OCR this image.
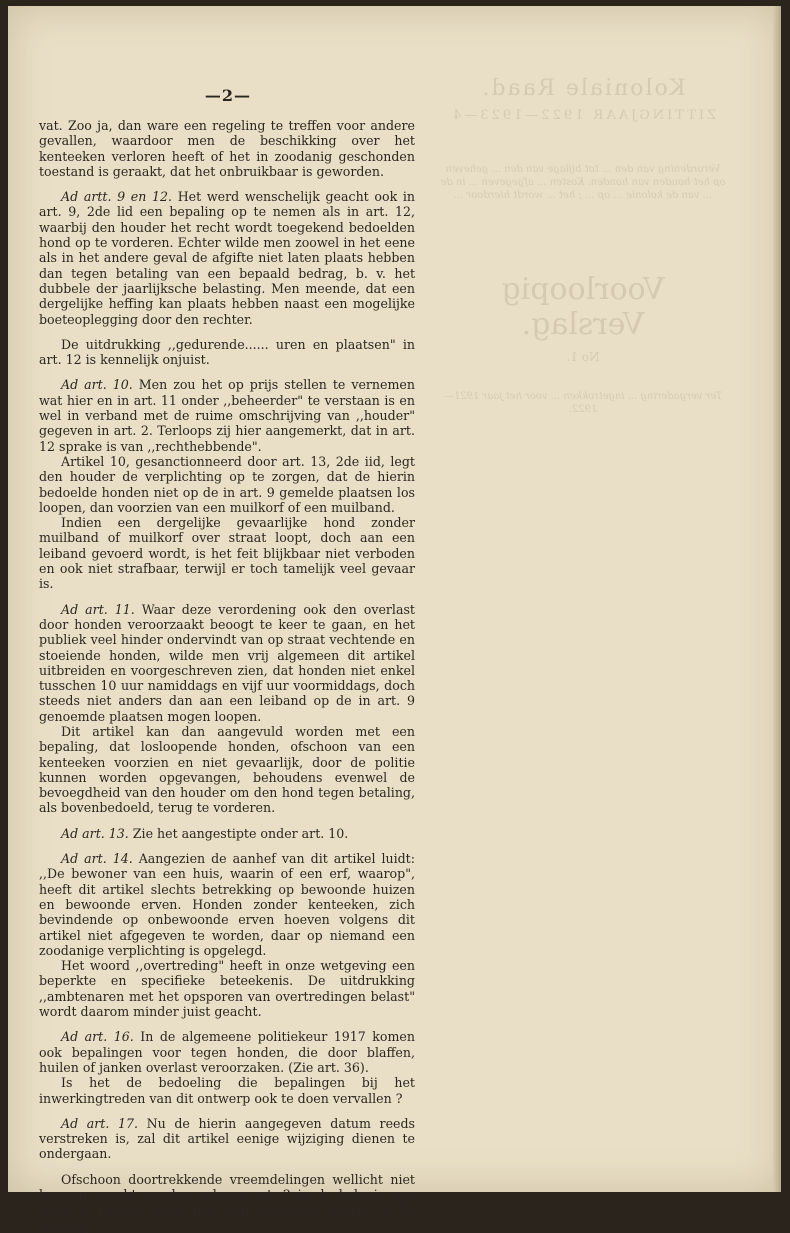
Koloniale Raad.
ZITTINGJAAR 1922—1923—4
Verordening van den ... tot bijlage van den ... geheven op het houden van honden. Kosten ... afgegeven ... in de ... van de kolonie ... op ... ; het ... wordt hierdoor ...
Voorloopig Verslag.
No 1.
Ter vergadering ... ingetrokken ... voor het jaar 1921—1922.
—2—

vat. Zoo ja, dan ware een regeling te treffen voor andere gevallen, waardoor men de beschikking over het kenteeken verloren heeft of het in zoodanig geschonden toestand is geraakt, dat het onbruikbaar is geworden.

Ad artt. 9 en 12. Het werd wenschelijk geacht ook in art. 9, 2de lid een bepaling op te nemen als in art. 12, waarbij den houder het recht wordt toegekend bedoelden hond op te vorderen. Echter wilde men zoowel in het eene als in het andere geval de afgifte niet laten plaats hebben dan tegen betaling van een bepaald bedrag, b. v. het dubbele der jaarlijksche belasting. Men meende, dat een dergelijke heffing kan plaats hebben naast een mogelijke boeteoplegging door den rechter.

De uitdrukking ,,gedurende...... uren en plaatsen" in art. 12 is kennelijk onjuist.

Ad art. 10. Men zou het op prijs stellen te vernemen wat hier en in art. 11 onder ,,beheerder" te verstaan is en wel in verband met de ruime omschrijving van ,,houder" gegeven in art. 2. Terloops zij hier aangemerkt, dat in art. 12 sprake is van ,,rechthebbende".

Artikel 10, gesanctionneerd door art. 13, 2de iid, legt den houder de verplichting op te zorgen, dat de hierin bedoelde honden niet op de in art. 9 gemelde plaatsen los loopen, dan voorzien van een muilkorf of een muilband.

Indien een dergelijke gevaarlijke hond zonder muilband of muilkorf over straat loopt, doch aan een leiband gevoerd wordt, is het feit blijkbaar niet verboden en ook niet strafbaar, terwijl er toch tamelijk veel gevaar is.

Ad art. 11. Waar deze verordening ook den overlast door honden veroorzaakt beoogt te keer te gaan, en het publiek veel hinder ondervindt van op straat vechtende en stoeiende honden, wilde men vrij algemeen dit artikel uitbreiden en voorgeschreven zien, dat honden niet enkel tusschen 10 uur namiddags en vijf uur voormiddags, doch steeds niet anders dan aan een leiband op de in art. 9 genoemde plaatsen mogen loopen.

Dit artikel kan dan aangevuld worden met een bepaling, dat losloopende honden, ofschoon van een kenteeken voorzien en niet gevaarlijk, door de politie kunnen worden opgevangen, behoudens evenwel de bevoegdheid van den houder om den hond tegen betaling, als bovenbedoeld, terug te vorderen.

Ad art. 13. Zie het aangestipte onder art. 10.

Ad art. 14. Aangezien de aanhef van dit artikel luidt: ,,De bewoner van een huis, waarin of een erf, waarop", heeft dit artikel slechts betrekking op bewoonde huizen en bewoonde erven. Honden zonder kenteeken, zich bevindende op onbewoonde erven hoeven volgens dit artikel niet afgegeven te worden, daar op niemand een zoodanige verplichting is opgelegd.

Het woord ,,overtreding" heeft in onze wetgeving een beperkte en specifieke beteekenis. De uitdrukking ,,ambtenaren met het opsporen van overtredingen belast" wordt daarom minder juist geacht.

Ad art. 16. In de algemeene politiekeur 1917 komen ook bepalingen voor tegen honden, die door blaffen, huilen of janken overlast veroorzaken. (Zie art. 36).

Is het de bedoeling die bepalingen bij het inwerkingtreden van dit ontwerp ook te doen vervallen ?

Ad art. 17. Nu de hierin aangegeven datum reeds verstreken is, zal dit artikel eenige wijziging dienen te ondergaan.

Ofschoon doortrekkende vreemdelingen wellicht niet kunnen geacht worden volgens art. 2 in de kolonie een hond te houden werd het toch raadzaam geacht in dit ontwerp
